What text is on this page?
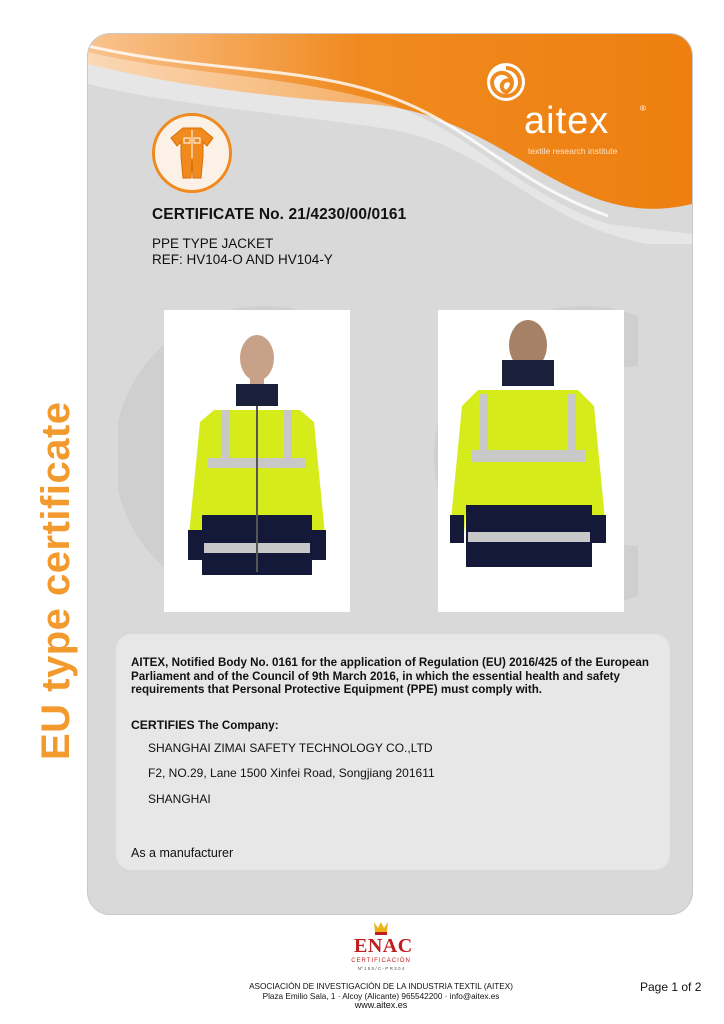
EU type certificate
aitex	®
textile research institute
CERTIFICATE No. 21/4230/00/0161
PPE TYPE JACKET
REF: HV104-O AND HV104-Y
AITEX, Notified Body No. 0161 for the application of Regulation (EU) 2016/425 of the European Parliament and of the Council of 9th March 2016, in which the essential health and safety requirements that Personal Protective Equipment (PPE) must comply with.
CERTIFIES The Company:
SHANGHAI ZIMAI SAFETY TECHNOLOGY CO.,LTD
F2, NO.29, Lane 1500 Xinfei Road, Songjiang 201611
SHANGHAI
As a manufacturer
ENAC
CERTIFICACIÓN
Nº 1 5 5 / C - P R 3 0 4
ASOCIACIÓN DE INVESTIGACIÓN DE LA INDUSTRIA TEXTIL (AITEX)
Plaza Emilio Sala, 1 · Alcoy (Alicante) 965542200 · info@aitex.es
www.aitex.es
Page 1 of 2
